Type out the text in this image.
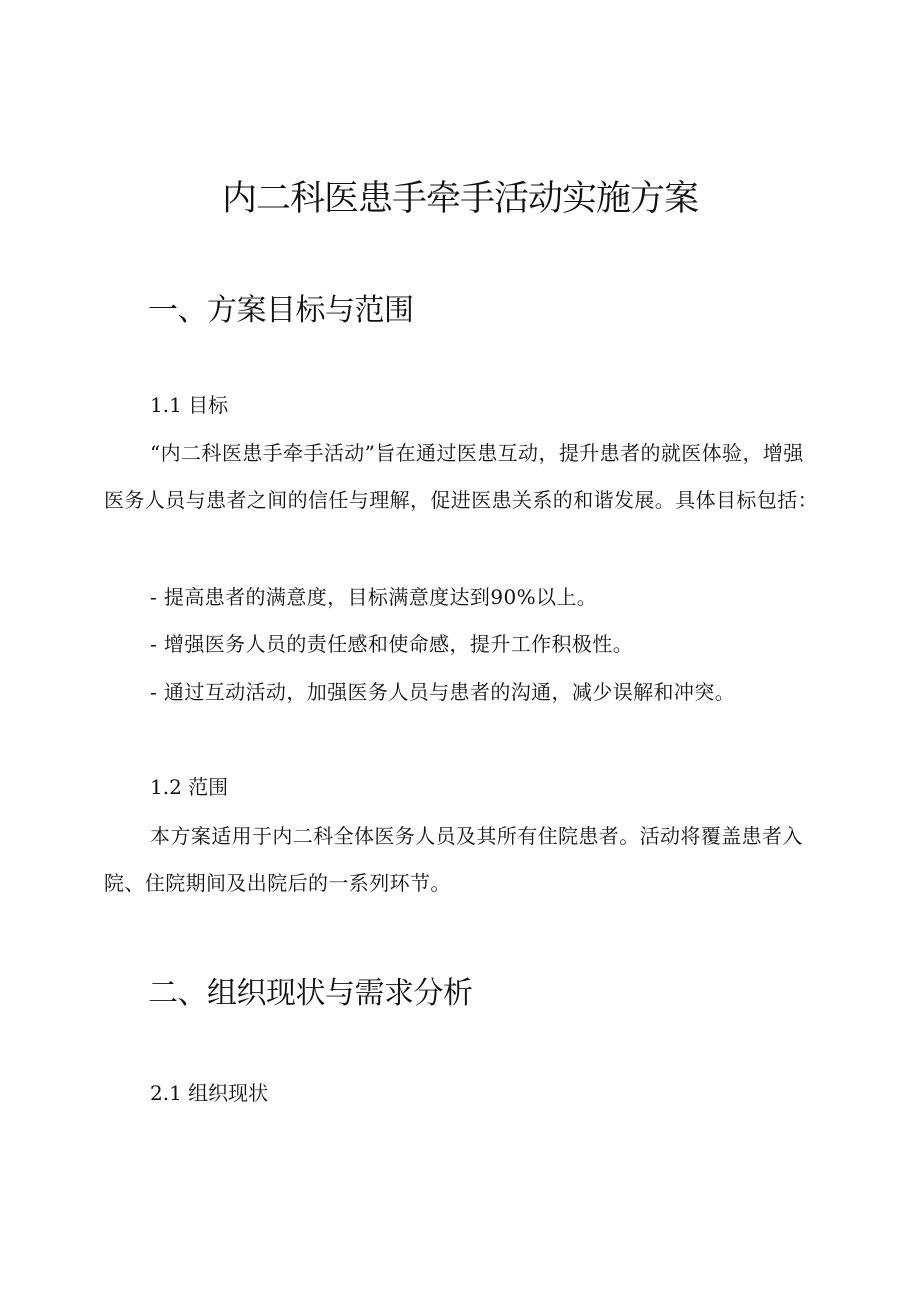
内二科医患手牵手活动实施方案
一、方案目标与范围
1.1 目标

“内二科医患手牵手活动”旨在通过医患互动，提升患者的就医体验，增强医务人员与患者之间的信任与理解，促进医患关系的和谐发展。具体目标包括：

- 提高患者的满意度，目标满意度达到90%以上。

- 增强医务人员的责任感和使命感，提升工作积极性。

- 通过互动活动，加强医务人员与患者的沟通，减少误解和冲突。

1.2 范围

本方案适用于内二科全体医务人员及其所有住院患者。活动将覆盖患者入院、住院期间及出院后的一系列环节。

二、组织现状与需求分析
2.1 组织现状
